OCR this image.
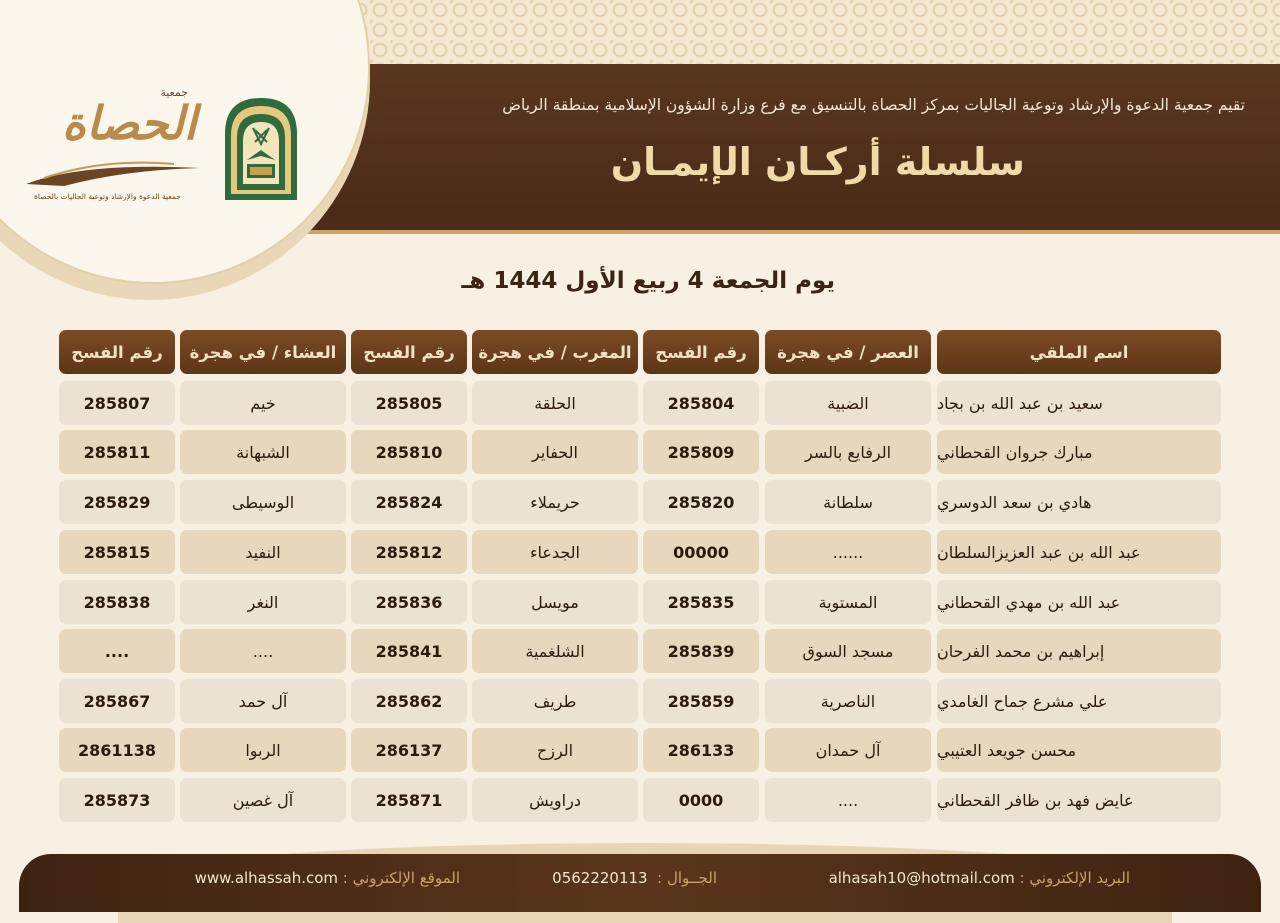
تقيم جمعية الدعوة والإرشاد وتوعية الجاليات بمركز الحصاة بالتنسيق مع فرع وزارة الشؤون الإسلامية بمنطقة الرياض
سلسلة أركـان الإيمـان
جمعية
الحصاة
جمعية الدعوة والإرشاد وتوعية الجاليات بالحصاة
يوم الجمعة 4 ربيع الأول 1444 هـ
اسم الملقي
العصر / في هجرة
رقم الفسح
المغرب / في هجرة
رقم الفسح
العشاء / في هجرة
رقم الفسح
سعيد بن عبد الله بن بجاد
الضبية
285804
الحلقة
285805
خيم
285807
مبارك جروان القحطاني
الرفايع بالسر
285809
الحفاير
285810
الشبهانة
285811
هادي بن سعد الدوسري
سلطانة
285820
حريملاء
285824
الوسيطى
285829
عبد الله بن عبد العزيزالسلطان
......
00000
الجدعاء
285812
النفيد
285815
عبد الله بن مهدي القحطاني
المستوية
285835
مويسل
285836
النغر
285838
إبراهيم بن محمد الفرحان
مسجد السوق
285839
الشلغمية
285841
....
....
علي مشرع جماح الغامدي
الناصرية
285859
طريف
285862
آل حمد
285867
محسن جويعد العتيبي
آل حمدان
286133
الرزح
286137
الربوا
2861138
عايض فهد بن ظافر القحطاني
....
0000
دراويش
285871
آل غصين
285873
البريد الإلكتروني : alhasah10@hotmail.com
الجــوال :  0562220113
الموقع الإلكتروني : www.alhassah.com
